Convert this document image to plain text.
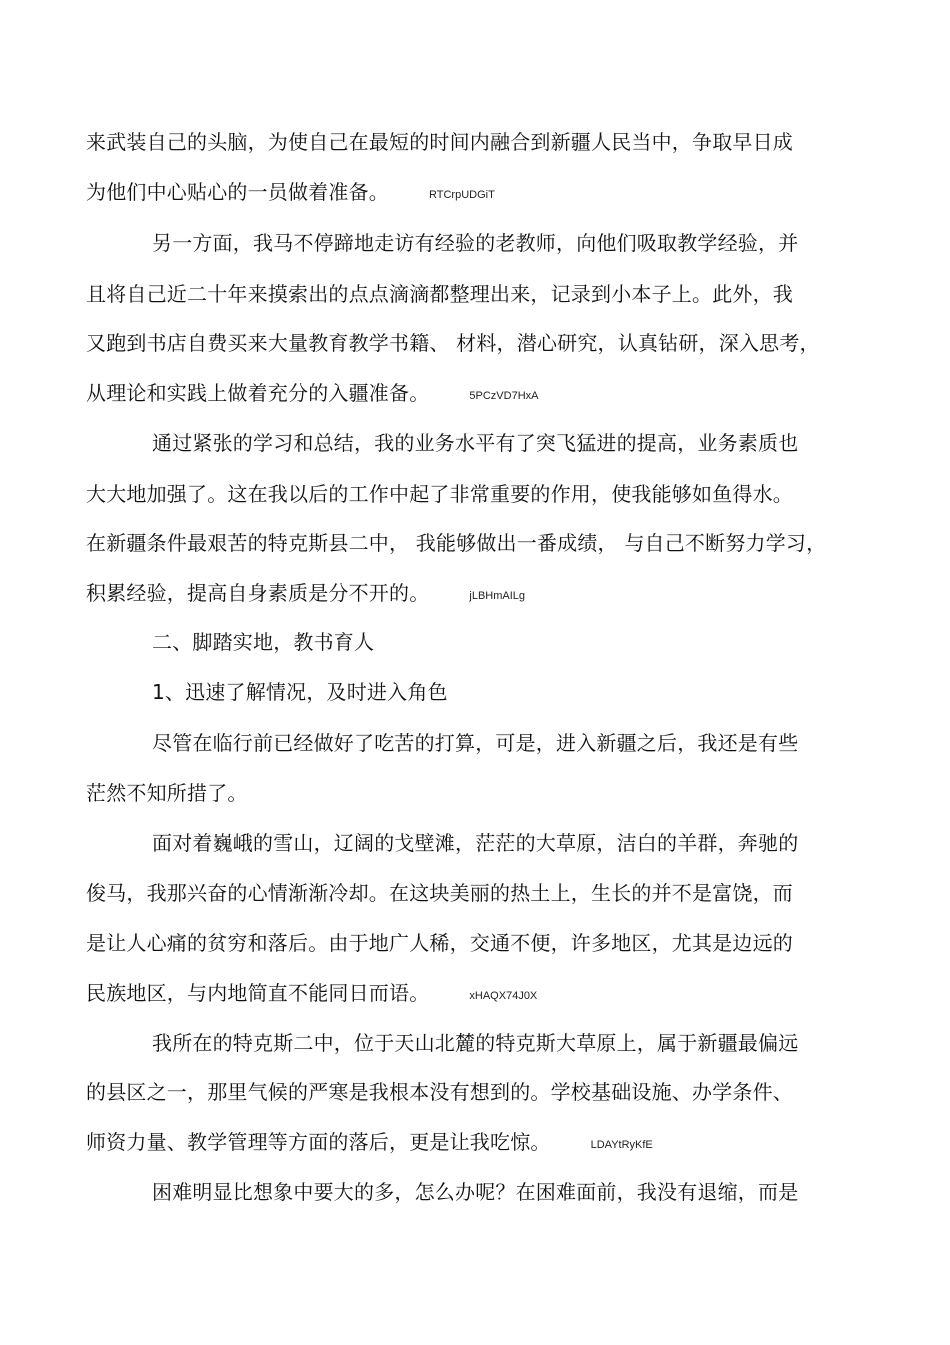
来武装自己的头脑，为使自己在最短的时间内融合到新疆人民当中，争取早日成
为他们中心贴心的一员做着准备。	RTCrpUDGiT
另一方面，我马不停蹄地走访有经验的老教师，向他们吸取教学经验，并
且将自己近二十年来摸索出的点点滴滴都整理出来，记录到小本子上。此外，我
又跑到书店自费买来大量教育教学书籍、 材料，潜心研究，认真钻研，深入思考，
从理论和实践上做着充分的入疆准备。	5PCzVD7HxA
通过紧张的学习和总结，我的业务水平有了突飞猛进的提高，业务素质也
大大地加强了。这在我以后的工作中起了非常重要的作用，使我能够如鱼得水。
在新疆条件最艰苦的特克斯县二中， 我能够做出一番成绩， 与自己不断努力学习，
积累经验，提高自身素质是分不开的。	jLBHmAILg
二、脚踏实地，教书育人
1、迅速了解情况，及时进入角色
尽管在临行前已经做好了吃苦的打算，可是，进入新疆之后，我还是有些
茫然不知所措了。
面对着巍峨的雪山，辽阔的戈壁滩，茫茫的大草原，洁白的羊群，奔驰的
俊马，我那兴奋的心情渐渐冷却。在这块美丽的热土上，生长的并不是富饶，而
是让人心痛的贫穷和落后。由于地广人稀，交通不便，许多地区，尤其是边远的
民族地区，与内地简直不能同日而语。	xHAQX74J0X
我所在的特克斯二中，位于天山北麓的特克斯大草原上，属于新疆最偏远
的县区之一，那里气候的严寒是我根本没有想到的。学校基础设施、办学条件、
师资力量、教学管理等方面的落后，更是让我吃惊。	LDAYtRyKfE
困难明显比想象中要大的多，怎么办呢？在困难面前，我没有退缩，而是
